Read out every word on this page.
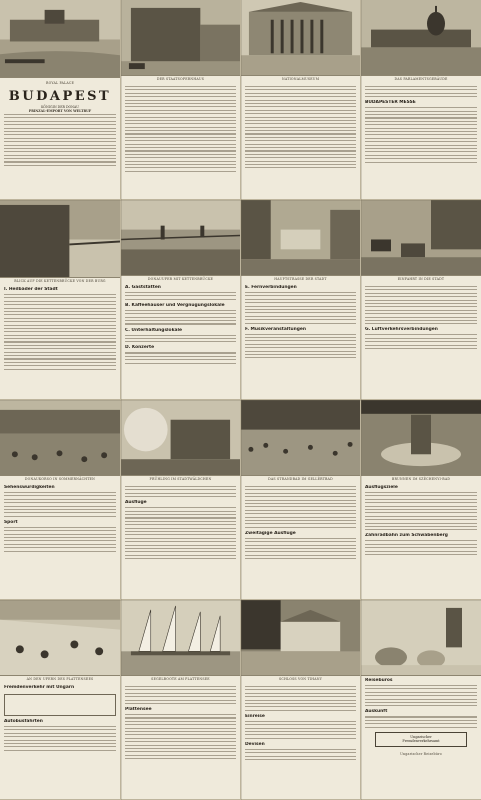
ROYAL PALACE
BUDAPEST
KÖNIGIN DER DONAU
PRINZAL-EMPORT VON WELTRUF
DER STAATSOPERNHAUS	NATIONALMUSEUM	DAS PARLAMENTSGEBÄUDE
BUDAPESTER MESSE
BLICK AUF DIE KETTENBRÜCKE VON DER BURG
I. Heilbäder der Stadt
DONAUUFER MIT KETTENBRÜCKE
A. Gaststätten
B. Kaffeehäuser und Vergnügungslokale
C. Unterhaltungslokale
D. Konzerte
HAUPTSTRASSE DER STADT
E. Fernverbindungen
F. Musikveranstaltungen
EINFAHRT IN DIE STADT
G. Luftverkehrsverbindungen
DONAUKORSO IN SOMMERNÄCHTEN
Sehenswürdigkeiten
Sport
FRÜHLING IM STADTWÄLDCHEN
Ausflüge
DAS STRANDBAD IM GELLÉRTBAD
Zweitägige Ausflüge
BRUNNEN IM SZÉCHENYI-BAD
Ausflugsziele
Zahnradbahn zum Schwabenberg
AN DEN UFERN DES PLATTENSEES
Fremdenverkehr mit Ungarn
Autobusfahrten
SEGELBOOTE AM PLATTENSEE
Plattensee
SCHLOSS VON TIHANY
Einreise
Devisen
Reisebüros
Auskunft
Ungarischer
Fremdenverkehrsamt
Ungarischer Reisebüro
